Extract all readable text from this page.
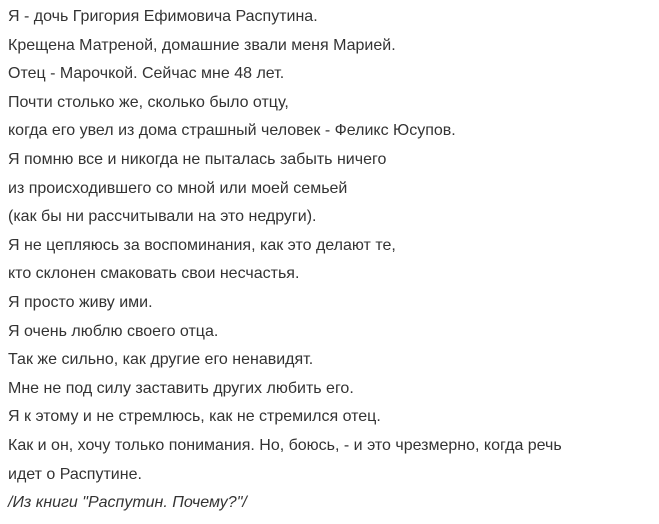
Я - дочь Григория Ефимовича Распутина.
Крещена Матреной, домашние звали меня Марией.
Отец - Марочкой. Сейчас мне 48 лет.
Почти столько же, сколько было отцу,
когда его увел из дома страшный человек - Феликс Юсупов.
Я помню все и никогда не пыталась забыть ничего
из происходившего со мной или моей семьей
(как бы ни рассчитывали на это недруги).
Я не цепляюсь за воспоминания, как это делают те,
кто склонен смаковать свои несчастья.
Я просто живу ими.
Я очень люблю своего отца.
Так же сильно, как другие его ненавидят.
Мне не под силу заставить других любить его.
Я к этому и не стремлюсь, как не стремился отец.
Как и он, хочу только понимания. Но, боюсь, - и это чрезмерно, когда речь
идет о Распутине.
/Из книги "Распутин. Почему?"/
